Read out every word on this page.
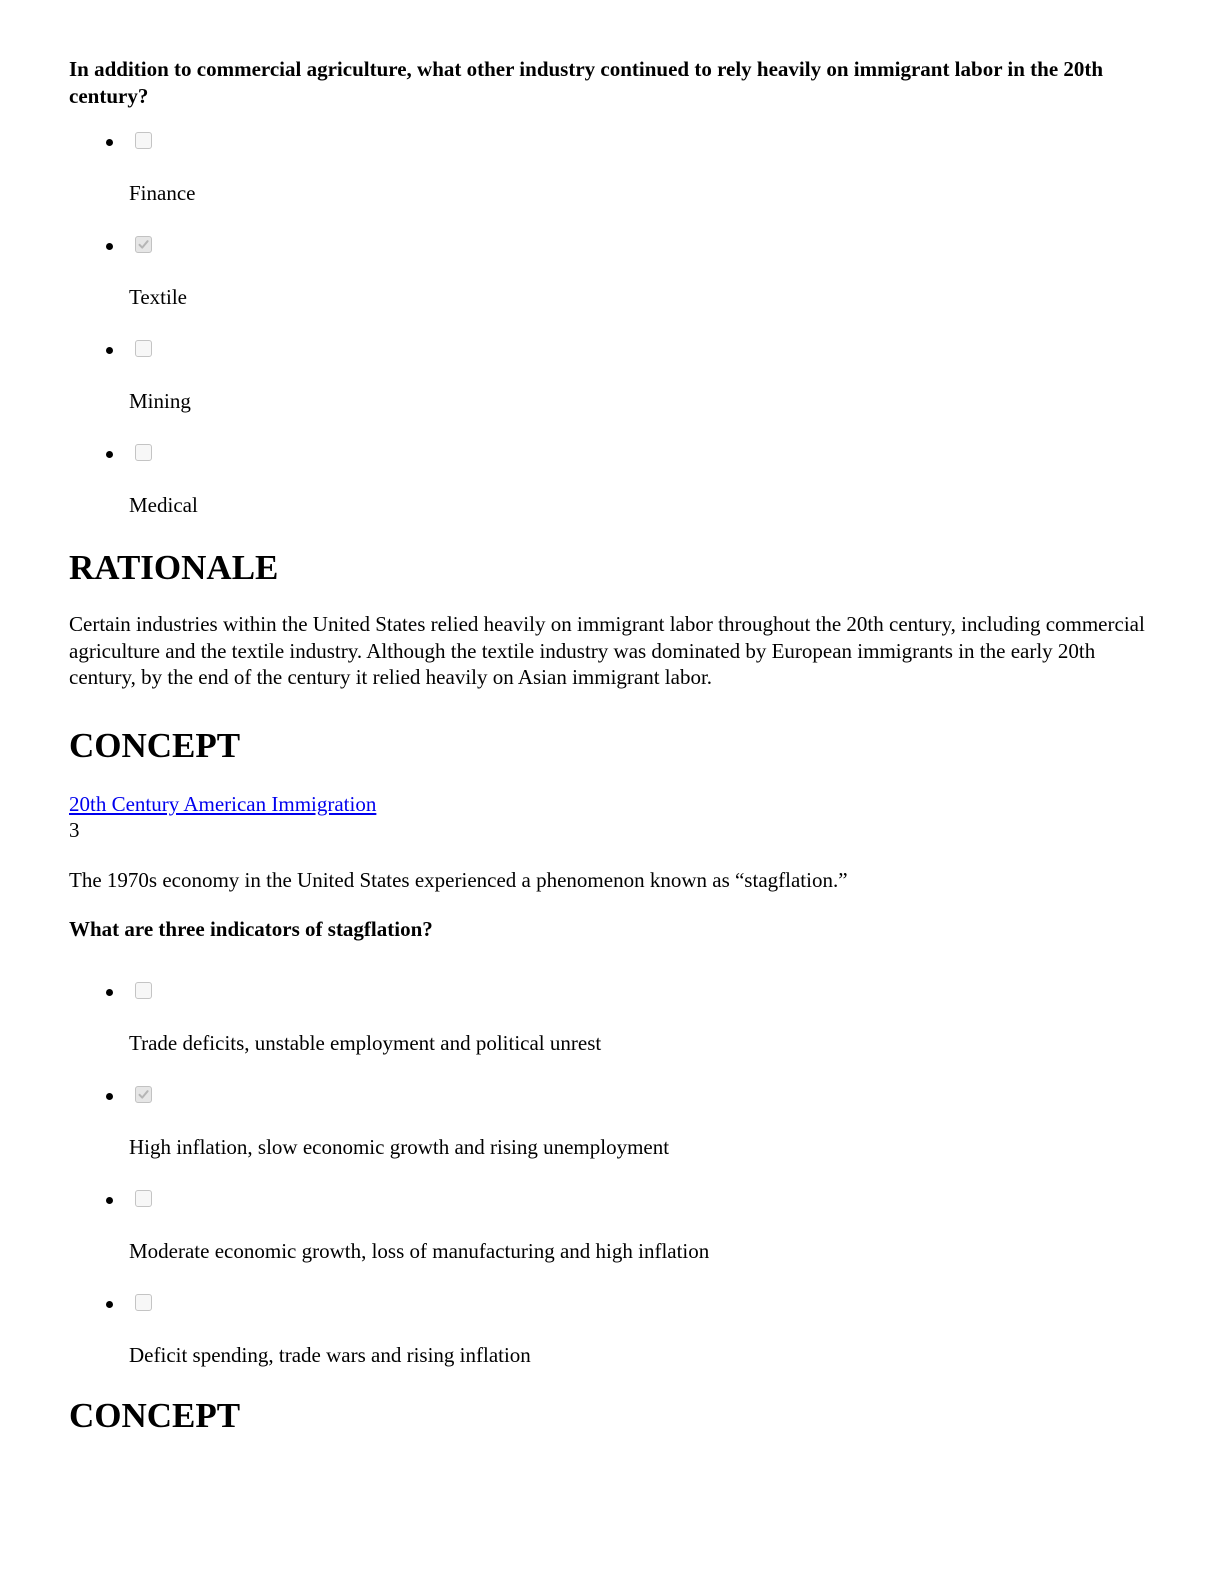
In addition to commercial agriculture, what other industry continued to rely heavily on immigrant labor in the 20th century?

Finance
Textile
Mining
Medical
RATIONALE

Certain industries within the United States relied heavily on immigrant labor throughout the 20th century, including commercial agriculture and the textile industry. Although the textile industry was dominated by European immigrants in the early 20th century, by the end of the century it relied heavily on Asian immigrant labor.

CONCEPT
20th Century American Immigration
3

The 1970s economy in the United States experienced a phenomenon known as “stagflation.”

What are three indicators of stagflation?

Trade deficits, unstable employment and political unrest
High inflation, slow economic growth and rising unemployment
Moderate economic growth, loss of manufacturing and high inflation
Deficit spending, trade wars and rising inflation
CONCEPT
